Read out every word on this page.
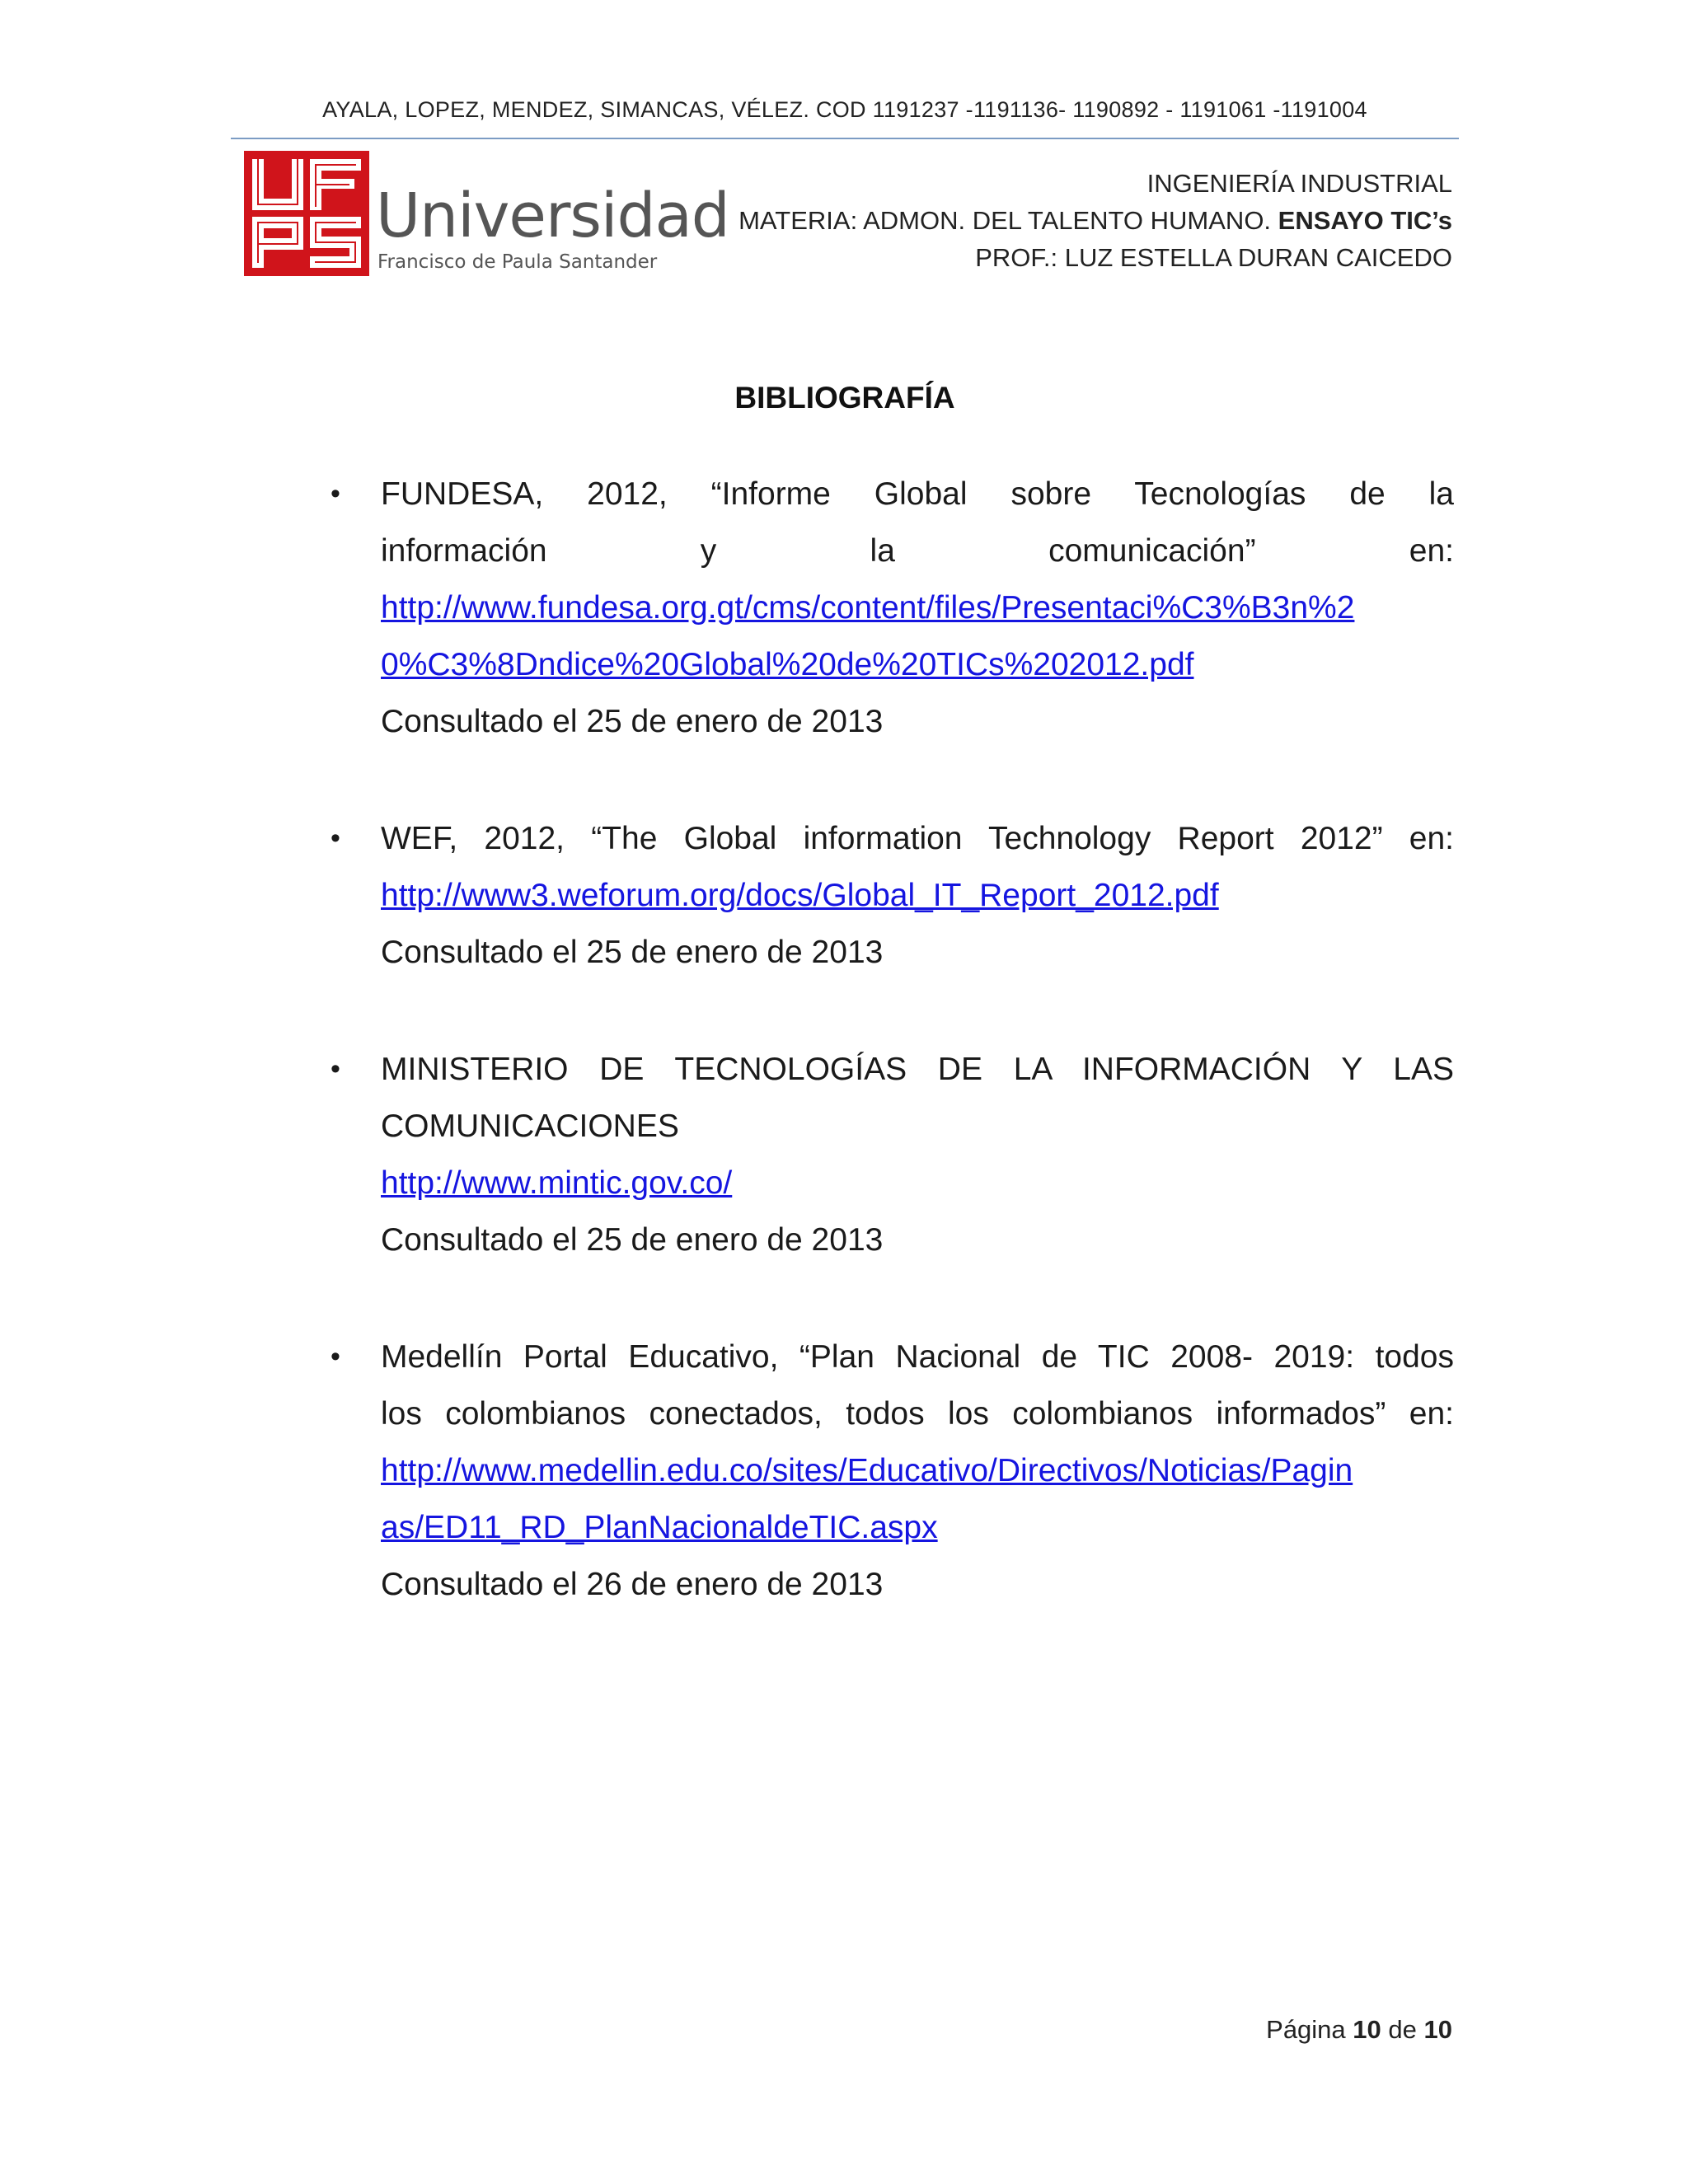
AYALA, LOPEZ, MENDEZ, SIMANCAS, VÉLEZ. COD 1191237 -1191136- 1190892 - 1191061 -1191004
Universidad
Francisco de Paula Santander
INGENIERÍA INDUSTRIAL
MATERIA: ADMON. DEL TALENTO HUMANO. ENSAYO TIC’s
PROF.: LUZ ESTELLA DURAN CAICEDO
BIBLIOGRAFÍA
• FUNDESA, 2012, “Informe Global sobre Tecnologías de la
información y la comunicación” en:
http://www.fundesa.org.gt/cms/content/files/Presentaci%C3%B3n%2
0%C3%8Dndice%20Global%20de%20TICs%202012.pdf
Consultado el 25 de enero de 2013
• WEF, 2012, “The Global information Technology Report 2012” en:
http://www3.weforum.org/docs/Global_IT_Report_2012.pdf
Consultado el 25 de enero de 2013
• MINISTERIO DE TECNOLOGÍAS DE LA INFORMACIÓN Y LAS
COMUNICACIONES
http://www.mintic.gov.co/
Consultado el 25 de enero de 2013
• Medellín Portal Educativo, “Plan Nacional de TIC 2008- 2019: todos
los colombianos conectados, todos los colombianos informados” en:
http://www.medellin.edu.co/sites/Educativo/Directivos/Noticias/Pagin
as/ED11_RD_PlanNacionaldeTIC.aspx
Consultado el 26 de enero de 2013
Página 10 de 10
